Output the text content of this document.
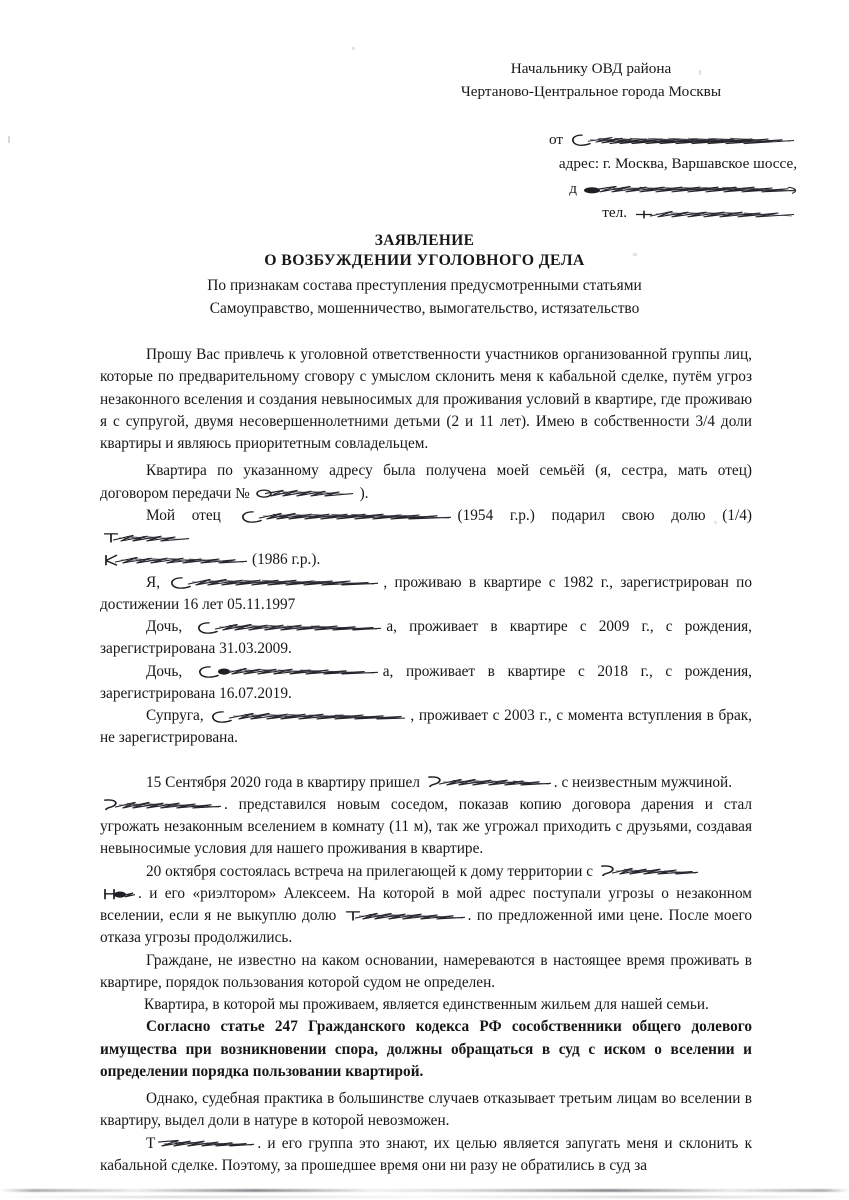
Начальнику ОВД района
Чертаново-Центральное города Москвы
от
адрес: г. Москва, Варшавское шоссе,
д
тел.
ЗАЯВЛЕНИЕ
О ВОЗБУЖДЕНИИ УГОЛОВНОГО ДЕЛА
По признакам состава преступления предусмотренными статьями
Самоуправство, мошенничество, вымогательство, истязательство

Прошу Вас привлечь к уголовной ответственности участников организованной группы лиц, которые по предварительному сговору с умыслом склонить меня к кабальной сделке, путём угроз незаконного вселения и создания невыносимых для проживания условий в квартире, где проживаю я с супругой, двумя несовершеннолетними детьми (2 и 11 лет). Имею в собственности 3/4 доли квартиры и являюсь приоритетным совладельцем.

Квартира по указанному адресу была получена моей семьёй (я, сестра, мать отец) договором передачи №	).

Мой отец	(1954 г.р.) подарил свою долю (1/4)

(1986 г.р.).

Я,	, проживаю в квартире с 1982 г., зарегистрирован по достижении 16 лет 05.11.1997

Дочь,	а, проживает в квартире с 2009 г., с рождения, зарегистрирована 31.03.2009.

Дочь,	а, проживает в квартире с 2018 г., с рождения, зарегистрирована 16.07.2019.

Супруга,	, проживает с 2003 г., с момента вступления в брак, не зарегистрирована.

15 Сентября 2020 года в квартиру пришел	. с неизвестным мужчиной.

. представился новым соседом, показав копию договора дарения и стал угрожать незаконным вселением в комнату (11 м), так же угрожал приходить с друзьями, создавая невыносимые условия для нашего проживания в квартире.

20 октября состоялась встреча на прилегающей к дому территории с

. и его «риэлтором» Алексеем. На которой в мой адрес поступали угрозы о незаконном вселении, если я не выкуплю долю	. по предложенной ими цене. После моего отказа угрозы продолжились.

Граждане, не известно на каком основании, намереваются в настоящее время проживать в квартире, порядок пользования которой судом не определен.

Квартира, в которой мы проживаем, является единственным жильем для нашей семьи.

Согласно статье 247 Гражданского кодекса РФ сособственники общего долевого имущества при возникновении спора, должны обращаться в суд с иском о вселении и определении порядка пользовании квартирой.

Однако, судебная практика в большинстве случаев отказывает третьим лицам во вселении в квартиру, выдел доли в натуре в которой невозможен.

Т	. и его группа это знают, их целью является запугать меня и склонить к кабальной сделке. Поэтому, за прошедшее время они ни разу не обратились в суд за
